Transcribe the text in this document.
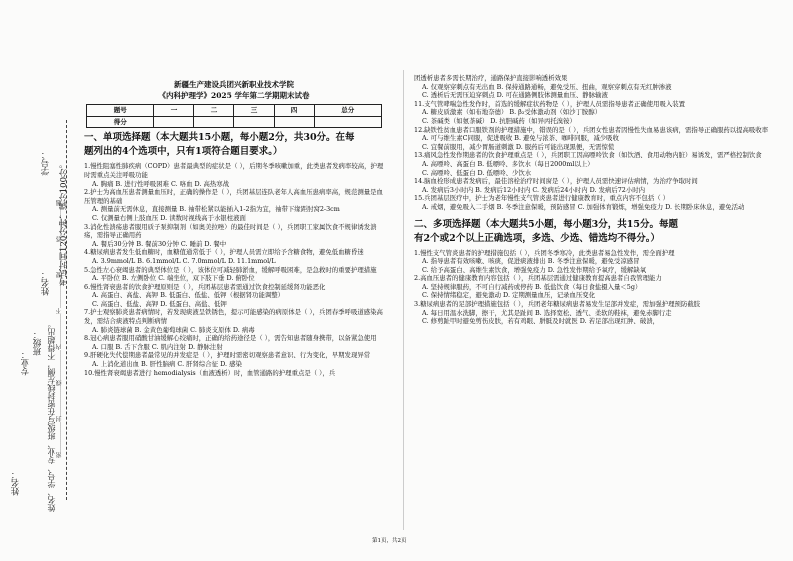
学号：
姓名： 考试时间120分钟，满分100分。
姓名、学号、专业、班级写在密封线左侧，不得超出。
专业：
班级：
姓名：
密……………封……………线……………内……………不……………要……………答……………题
新疆生产建设兵团兴新职业技术学院
《内科护理学》2025 学年第二学期期末试卷
题号	一	二	三	四	总分
得分					
一、单项选择题（本大题共15小题，每小题2分，共30分。在每
题列出的4个选项中，只有1项符合题目要求。）

1.慢性阻塞性肺疾病（COPD）患者最典型的症状是（ ），后期冬季咳嗽加重，此类患者发病率较高，护理时需重点关注呼吸功能

A. 胸痛 B. 进行性呼吸困难 C. 咯血 D. 高热寒战

2.护士为高血压患者测量血压时，正确的操作是（ ），兵团基层连队老年人高血压患病率高，规范测量是血压管理的基础

A. 测量前无需休息，直接测量 B. 袖带松紧以能插入1-2指为宜，袖带下缘距肘窝2-3cm

C. 仅测量右侧上肢血压 D. 读数时视线高于水银柱液面

3.消化性溃疡患者服用质子泵抑制剂（如奥美拉唑）的最佳时间是（ ），兵团职工家属饮食不规律诱发溃疡，需指导正确用药

A. 餐后30分钟 B. 餐前30分钟 C. 睡前 D. 餐中

4.糖尿病患者发生低血糖时，血糖值通常低于（ ），护理人员需立即给予含糖食物，避免低血糖昏迷

A. 3.9mmol/L B. 6.1mmol/L C. 7.0mmol/L D. 11.1mmol/L

5.急性左心衰竭患者的典型体位是（ ），该体位可减轻肺淤血，缓解呼吸困难，是急救时的重要护理措施

A. 平卧位 B. 左侧卧位 C. 端坐位，双下肢下垂 D. 俯卧位

6.慢性肾衰患者的饮食护理原则是（ ），兵团基层患者需通过饮食控制延缓肾功能恶化

A. 高蛋白、高盐、高钾 B. 低蛋白、低盐、低钾（根据肾功能调整）

C. 高蛋白、低盐、高钾 D. 低蛋白、高盐、低钾

7.护士观察肺炎患者病情时，若发现痰液呈铁锈色，提示可能感染的病原体是（ ），兵团春季呼吸道感染高发，需结合痰液特点判断病情

A. 肺炎链球菌 B. 金黄色葡萄球菌 C. 肺炎支原体 D. 病毒

8.冠心病患者服用硝酸甘油缓解心绞痛时，正确的给药途径是（ ），需告知患者随身携带，以备紧急使用

A. 口服 B. 舌下含服 C. 肌内注射 D. 静脉注射

9.肝硬化失代偿期患者最常见的并发症是（ ），护理时需密切观察患者意识、行为变化，早期发现异常

A. 上消化道出血 B. 肝性脑病 C. 肝肾综合征 D. 感染

10.慢性肾衰竭患者进行 hemodialysis（血液透析）时，血管通路的护理重点是（ ），兵

团透析患者多需长期治疗，通路保护直接影响透析效果

A. 仅观察穿刺点有无出血 B. 保持通路通畅，避免受压、扭曲，观察穿刺点有无红肿渗液

C. 透析后无需压迫穿刺点 D. 可在通路侧肢体测量血压、静脉输液

11.支气管哮喘急性发作时，首选的缓解症状药物是（ ），护理人员需指导患者正确使用吸入装置

A. 糖皮质激素（如布地奈德） B. β₂受体激动剂（如沙丁胺醇）

C. 茶碱类（如氨茶碱） D. 抗胆碱药（如异丙托溴铵）

12.缺铁性贫血患者口服铁剂的护理措施中，错误的是（ ），兵团女性患者因慢性失血易患该病，需指导正确服药以提高吸收率

A. 可与维生素C同服，促进吸收 B. 避免与浓茶、咖啡同服，减少吸收

C. 宜餐前服用，减少胃肠道刺激 D. 服药后可能出现黑便，无需惊慌

13.痛风急性发作期患者的饮食护理重点是（ ），兵团职工因高嘌呤饮食（如饮酒、食用动物内脏）易诱发，需严格控制饮食

A. 高嘌呤、高蛋白 B. 低嘌呤、多饮水（每日2000ml以上）

C. 高嘌呤、低蛋白 D. 低嘌呤、少饮水

14.脑血栓形成患者发病后，最佳溶栓治疗时间窗是（ ），护理人员需快速评估病情，为治疗争取时间

A. 发病后3小时内 B. 发病后12小时内 C. 发病后24小时内 D. 发病后72小时内

15.兵团基层医疗中，护士为老年慢性支气管炎患者进行健康教育时，重点内容不包括（ ）

A. 戒烟，避免吸入二手烟 B. 冬季注意保暖，预防感冒 C. 加强体育锻炼，增强免疫力 D. 长期卧床休息，避免活动

二、多项选择题（本大题共5小题，每小题3分，共15分。每题
有2个或2个以上正确选项，多选、少选、错选均不得分。）

1.慢性支气管炎患者的护理措施包括（ ），兵团冬季寒冷，此类患者易急性发作，需全面护理

A. 指导患者有效咳嗽、咳痰，促进痰液排出 B. 冬季注意保暖，避免受凉感冒

C. 给予高蛋白、高维生素饮食，增强免疫力 D. 急性发作期给予氧疗，缓解缺氧

2.高血压患者的健康教育内容包括（ ），兵团基层需通过健康教育提高患者自我管理能力

A. 坚持规律服药，不可自行减药或停药 B. 低盐饮食（每日食盐摄入量＜5g）

C. 保持情绪稳定，避免激动 D. 定期测量血压，记录血压变化

3.糖尿病患者的足部护理措施包括（ ），兵团老年糖尿病患者易发生足部并发症，需加强护理预防截肢

A. 每日用温水洗脚，擦干，尤其是趾间 B. 选择宽松、透气、柔软的鞋袜，避免赤脚行走

C. 修剪趾甲时避免剪伤皮肤，若有鸡眼、胼胝及时就医 D. 若足部出现红肿、破溃，

第1页，共2页
